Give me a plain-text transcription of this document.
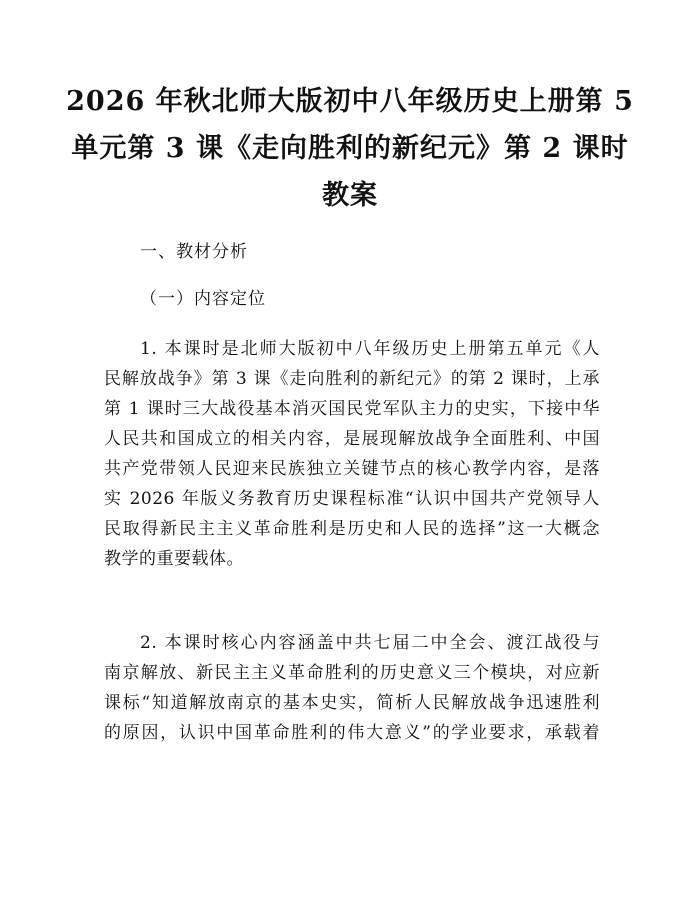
2026 年秋北师大版初中八年级历史上册第 5
单元第 3 课《走向胜利的新纪元》第 2 课时
教案
一、教材分析
（一）内容定位
1. 本课时是北师大版初中八年级历史上册第五单元《人
民解放战争》第 3 课《走向胜利的新纪元》的第 2 课时，上承
第 1 课时三大战役基本消灭国民党军队主力的史实，下接中华
人民共和国成立的相关内容，是展现解放战争全面胜利、中国
共产党带领人民迎来民族独立关键节点的核心教学内容，是落
实 2026 年版义务教育历史课程标准“认识中国共产党领导人
民取得新民主主义革命胜利是历史和人民的选择”这一大概念
教学的重要载体。
2. 本课时核心内容涵盖中共七届二中全会、渡江战役与
南京解放、新民主主义革命胜利的历史意义三个模块，对应新
课标“知道解放南京的基本史实，简析人民解放战争迅速胜利
的原因，认识中国革命胜利的伟大意义”的学业要求，承载着
